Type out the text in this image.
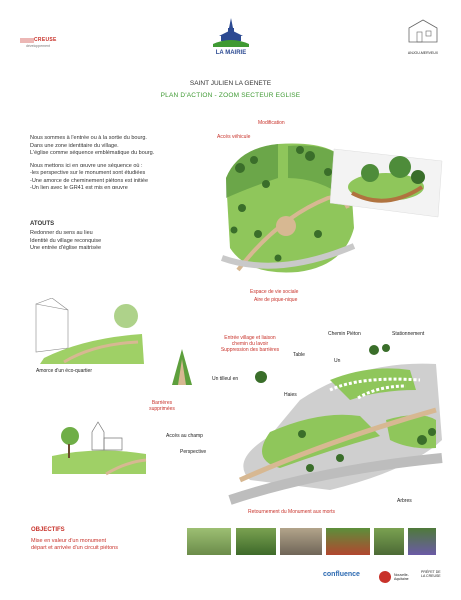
CREUSE
développement
LA MAIRIE	ANJOU-MERVEUX
SAINT JULIEN LA GENETE
PLAN D'ACTION - ZOOM SECTEUR EGLISE

Nous sommes à l'entrée ou à la sortie du bourg.
Dans une zone identitaire du village.
L'église comme séquence emblématique du bourg.

Nous mettons ici en œuvre une séquence où :
-les perspective sur le monument sont étudiées
-Une amorce de cheminement piétons est initiée
-Un lien avec le GR41 est mis en œuvre

ATOUTS
Redonner du sens au lieu
Identité du village reconquise
Une entrée d'église maitrisée
Modification
Accès véhicule
Espace de vie sociale
Aire de pique-nique
Amorce d'un éco-quartier
Entrée village et liaison
chemin du lavoir
Suppression des barrières
Chemin Piéton	Stationnement
Table
Un
Un tilleul en
Haies
Barrières
supprimées
Accès au champ
Perspective
Arbres
Retournement du Monument aux morts
OBJECTIFS
Mise en valeur d'un monument
départ et arrivée d'un circuit piétons
confluence	Nouvelle-Aquitaine
PRÉFET DE LA CREUSE
